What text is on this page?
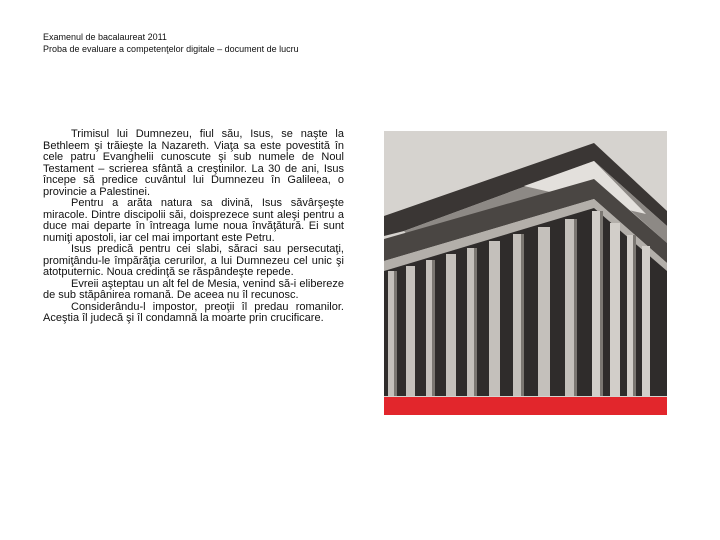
Examenul de bacalaureat 2011
Proba de evaluare a competenţelor digitale – document de lucru

Trimisul lui Dumnezeu, fiul său, Isus, se naşte la Bethleem şi trăieşte la Nazareth. Viaţa sa este povestită în cele patru Evanghelii cunoscute şi sub numele de Noul Testament – scrierea sfântă a creştinilor. La 30 de ani, Isus începe să predice cuvântul lui Dumnezeu în Galileea, o provincie a Palestinei.

Pentru a arăta natura sa divină, Isus săvârşeşte miracole. Dintre discipolii săi, doisprezece sunt aleşi pentru a duce mai departe în întreaga lume noua învăţătură. Ei sunt numiţi apostoli, iar cel mai important este Petru.

Isus predică pentru cei slabi, săraci sau persecutaţi, promiţându-le împărăţia cerurilor, a lui Dumnezeu cel unic şi atotputernic. Noua credinţă se răspândeşte repede.

Evreii aşteptau un alt fel de Mesia, venind să-i elibereze de sub stăpânirea romană. De aceea nu îl recunosc.

Considerându-l impostor, preoţii îl predau romanilor. Aceştia îl judecă şi îl condamnă la moarte prin crucificare.
